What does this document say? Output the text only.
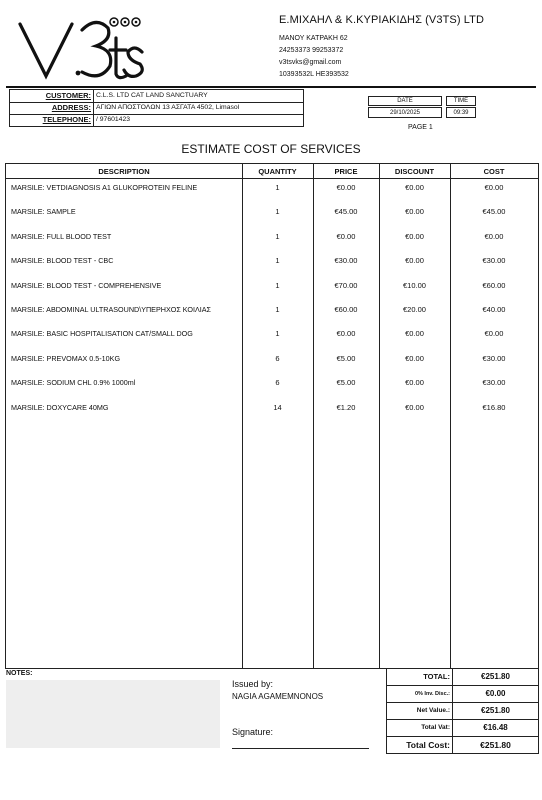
Ε.ΜΙΧΑΗΛ & Κ.ΚΥΡΙΑΚΙΔΗΣ (V3TS) LTD
ΜΑΝΟΥ ΚΑΤΡΑΚΗ 62
24253373 99253372
v3tsvks@gmail.com
10393532L HE393532
CUSTOMER: C.L.S. LTD CAT LAND SANCTUARY
ADDRESS: ΑΓΙΩΝ ΑΠΟΣΤΟΛΩΝ 13 ΑΣΓΑΤΑ 4502, Limasol
TELEPHONE: / 97601423
DATE	TIME
29/10/2025	09:39
PAGE 1
ESTIMATE COST OF SERVICES
DESCRIPTION	QUANTITY	PRICE	DISCOUNT	COST
MARSILE: VETDIAGNOSIS A1 GLUKOPROTEIN FELINE	1	€0.00	€0.00	€0.00
MARSILE: SAMPLE	1	€45.00	€0.00	€45.00
MARSILE: FULL BLOOD TEST	1	€0.00	€0.00	€0.00
MARSILE: BLOOD TEST - CBC	1	€30.00	€0.00	€30.00
MARSILE: BLOOD TEST - COMPREHENSIVE	1	€70.00	€10.00	€60.00
MARSILE: ABDOMINAL ULTRASOUND\ΥΠΕΡΗΧΟΣ ΚΟΙΛΙΑΣ	1	€60.00	€20.00	€40.00
MARSILE: BASIC HOSPITALISATION CAT/SMALL DOG	1	€0.00	€0.00	€0.00
MARSILE: PREVOMAX 0.5-10KG	6	€5.00	€0.00	€30.00
MARSILE: SODIUM CHL 0.9% 1000ml	6	€5.00	€0.00	€30.00
MARSILE: DOXYCARE 40MG	14	€1.20	€0.00	€16.80
NOTES:
Issued by:
NAGIA AGAMEMNONOS
Signature:
TOTAL:	€251.80
0% Inv. Disc.:	€0.00
Net Value.:	€251.80
Total Vat:	€16.48
Total Cost:	€251.80
